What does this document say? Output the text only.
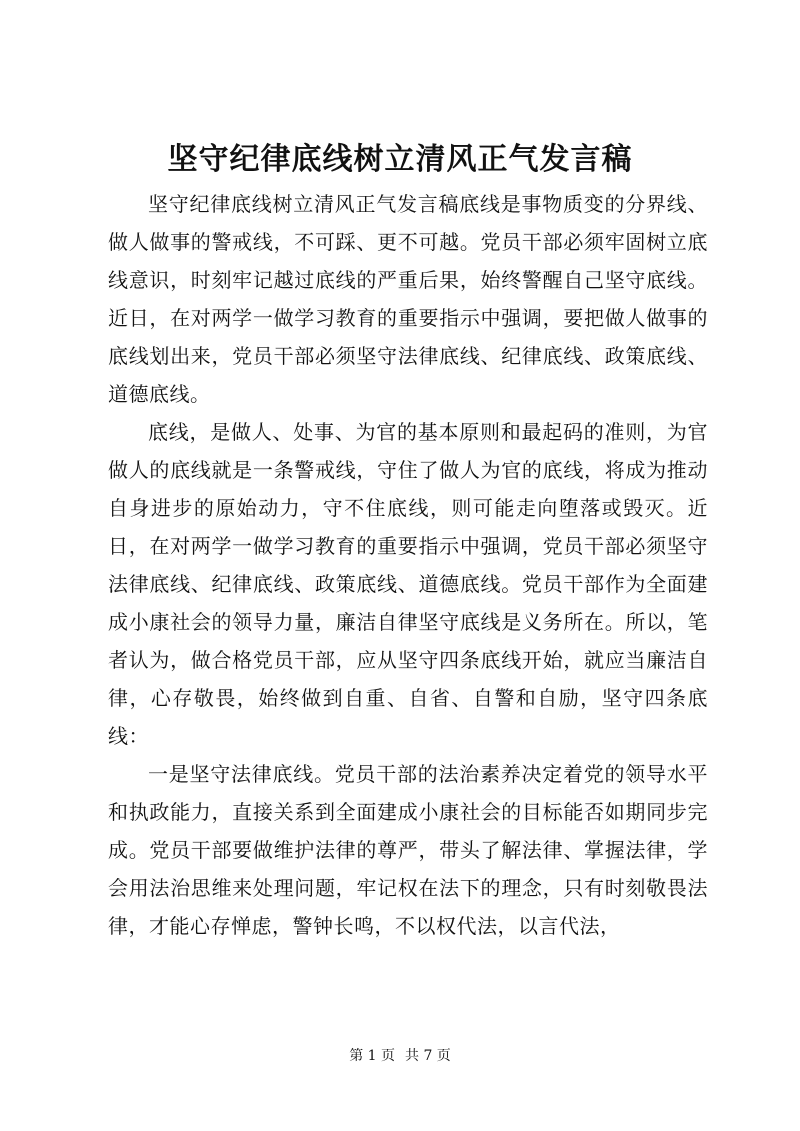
坚守纪律底线树立清风正气发言稿

坚守纪律底线树立清风正气发言稿底线是事物质变的分界线、做人做事的警戒线，不可踩、更不可越。党员干部必须牢固树立底线意识，时刻牢记越过底线的严重后果，始终警醒自己坚守底线。近日，在对两学一做学习教育的重要指示中强调，要把做人做事的底线划出来，党员干部必须坚守法律底线、纪律底线、政策底线、道德底线。

底线，是做人、处事、为官的基本原则和最起码的准则，为官做人的底线就是一条警戒线，守住了做人为官的底线，将成为推动自身进步的原始动力，守不住底线，则可能走向堕落或毁灭。近日，在对两学一做学习教育的重要指示中强调，党员干部必须坚守法律底线、纪律底线、政策底线、道德底线。党员干部作为全面建成小康社会的领导力量，廉洁自律坚守底线是义务所在。所以，笔者认为，做合格党员干部，应从坚守四条底线开始，就应当廉洁自律，心存敬畏，始终做到自重、自省、自警和自励，坚守四条底线：

一是坚守法律底线。党员干部的法治素养决定着党的领导水平和执政能力，直接关系到全面建成小康社会的目标能否如期同步完成。党员干部要做维护法律的尊严，带头了解法律、掌握法律，学会用法治思维来处理问题，牢记权在法下的理念，只有时刻敬畏法律，才能心存惮虑，警钟长鸣，不以权代法，以言代法，

第 1 页 共 7 页
